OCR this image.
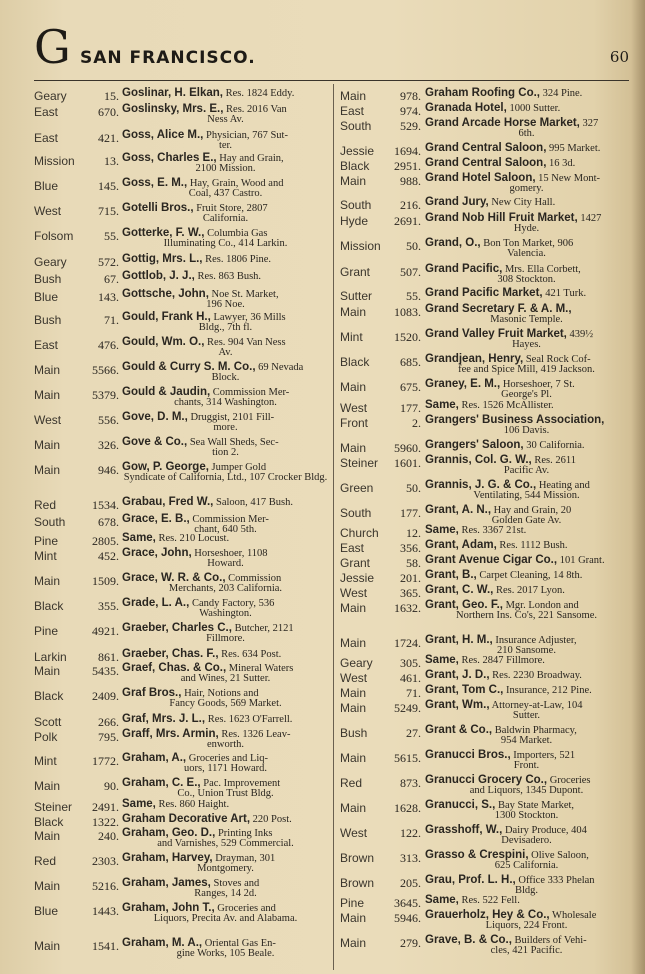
G SAN FRANCISCO.	60
Geary	15. Goslinar, H. Elkan, Res. 1824 Eddy.
East	670. Goslinsky, Mrs. E., Res. 2016 Van
Ness Av.
East	421. Goss, Alice M., Physician, 767 Sut-
ter.
Mission	13. Goss, Charles E., Hay and Grain,
2100 Mission.
Blue	145. Goss, E. M., Hay, Grain, Wood and
Coal, 437 Castro.
West	715. Gotelli Bros., Fruit Store, 2807
California.
Folsom	55. Gotterke, F. W., Columbia Gas
Illuminating Co., 414 Larkin.
Geary	572. Gottig, Mrs. L., Res. 1806 Pine.
Bush	67. Gottlob, J. J., Res. 863 Bush.
Blue	143. Gottsche, John, Noe St. Market,
196 Noe.
Bush	71. Gould, Frank H., Lawyer, 36 Mills
Bldg., 7th fl.
East	476. Gould, Wm. O., Res. 904 Van Ness
Av.
Main	5566. Gould & Curry S. M. Co., 69 Nevada
Block.
Main	5379. Gould & Jaudin, Commission Mer-
chants, 314 Washington.
West	556. Gove, D. M., Druggist, 2101 Fill-
more.
Main	326. Gove & Co., Sea Wall Sheds, Sec-
tion 2.
Main	946. Gow, P. George, Jumper Gold
Syndicate of California, Ltd., 107 Crocker Bldg.
Red	1534. Grabau, Fred W., Saloon, 417 Bush.
South	678. Grace, E. B., Commission Mer-
chant, 640 5th.
Pine	2805. Same, Res. 210 Locust.
Mint	452. Grace, John, Horseshoer, 1108
Howard.
Main	1509. Grace, W. R. & Co., Commission
Merchants, 203 California.
Black	355. Grade, L. A., Candy Factory, 536
Washington.
Pine	4921. Graeber, Charles C., Butcher, 2121
Fillmore.
Larkin	861. Graeber, Chas. F., Res. 634 Post.
Main	5435. Graef, Chas. & Co., Mineral Waters
and Wines, 21 Sutter.
Black	2409. Graf Bros., Hair, Notions and
Fancy Goods, 569 Market.
Scott	266. Graf, Mrs. J. L., Res. 1623 O'Farrell.
Polk	795. Graff, Mrs. Armin, Res. 1326 Leav-
enworth.
Mint	1772. Graham, A., Groceries and Liq-
uors, 1171 Howard.
Main	90. Graham, C. E., Pac. Improvement
Co., Union Trust Bldg.
Steiner	2491. Same, Res. 860 Haight.
Black	1322. Graham Decorative Art, 220 Post.
Main	240. Graham, Geo. D., Printing Inks
and Varnishes, 529 Commercial.
Red	2303. Graham, Harvey, Drayman, 301
Montgomery.
Main	5216. Graham, James, Stoves and
Ranges, 14 2d.
Blue	1443. Graham, John T., Groceries and
Liquors, Precita Av. and Alabama.
Main	1541. Graham, M. A., Oriental Gas En-
gine Works, 105 Beale.
Main	978. Graham Roofing Co., 324 Pine.
East	974. Granada Hotel, 1000 Sutter.
South	529. Grand Arcade Horse Market, 327
6th.
Jessie	1694. Grand Central Saloon, 995 Market.
Black	2951. Grand Central Saloon, 16 3d.
Main	988. Grand Hotel Saloon, 15 New Mont-
gomery.
South	216. Grand Jury, New City Hall.
Hyde	2691. Grand Nob Hill Fruit Market, 1427
Hyde.
Mission	50. Grand, O., Bon Ton Market, 906
Valencia.
Grant	507. Grand Pacific, Mrs. Ella Corbett,
308 Stockton.
Sutter	55. Grand Pacific Market, 421 Turk.
Main	1083. Grand Secretary F. & A. M.,
Masonic Temple.
Mint	1520. Grand Valley Fruit Market, 439½
Hayes.
Black	685. Grandjean, Henry, Seal Rock Cof-
fee and Spice Mill, 419 Jackson.
Main	675. Graney, E. M., Horseshoer, 7 St.
George's Pl.
West	177. Same, Res. 1526 McAllister.
Front	2. Grangers' Business Association,
106 Davis.
Main	5960. Grangers' Saloon, 30 California.
Steiner	1601. Grannis, Col. G. W., Res. 2611
Pacific Av.
Green	50. Grannis, J. G. & Co., Heating and
Ventilating, 544 Mission.
South	177. Grant, A. N., Hay and Grain, 20
Golden Gate Av.
Church	12. Same, Res. 3367 21st.
East	356. Grant, Adam, Res. 1112 Bush.
Grant	58. Grant Avenue Cigar Co., 101 Grant.
Jessie	201. Grant, B., Carpet Cleaning, 14 8th.
West	365. Grant, C. W., Res. 2017 Lyon.
Main	1632. Grant, Geo. F., Mgr. London and
Northern Ins. Co's, 221 Sansome.
Main	1724. Grant, H. M., Insurance Adjuster,
210 Sansome.
Geary	305. Same, Res. 2847 Fillmore.
West	461. Grant, J. D., Res. 2230 Broadway.
Main	71. Grant, Tom C., Insurance, 212 Pine.
Main	5249. Grant, Wm., Attorney-at-Law, 104
Sutter.
Bush	27. Grant & Co., Baldwin Pharmacy,
954 Market.
Main	5615. Granucci Bros., Importers, 521
Front.
Red	873. Granucci Grocery Co., Groceries
and Liquors, 1345 Dupont.
Main	1628. Granucci, S., Bay State Market,
1300 Stockton.
West	122. Grasshoff, W., Dairy Produce, 404
Devisadero.
Brown	313. Grasso & Crespini, Olive Saloon,
625 California.
Brown	205. Grau, Prof. L. H., Office 333 Phelan
Bldg.
Pine	3645. Same, Res. 522 Fell.
Main	5946. Grauerholz, Hey & Co., Wholesale
Liquors, 224 Front.
Main	279. Grave, B. & Co., Builders of Vehi-
cles, 421 Pacific.
